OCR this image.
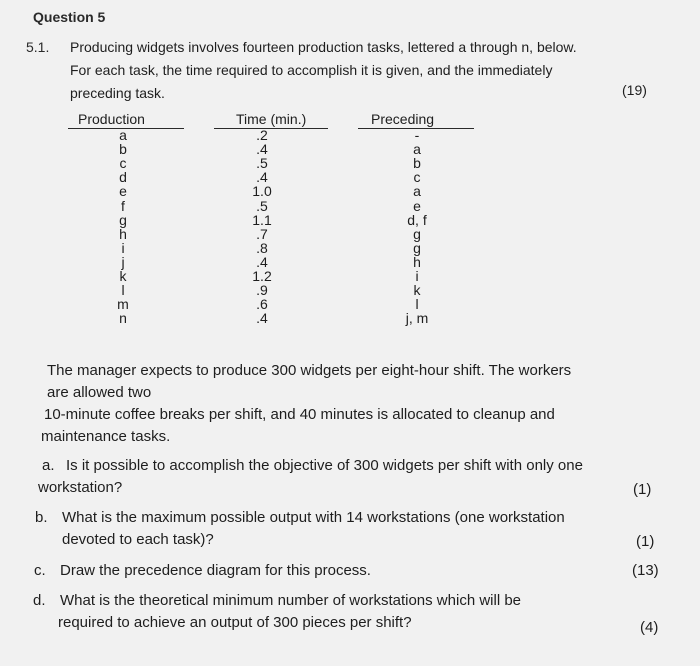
Question 5
5.1. Producing widgets involves fourteen production tasks, lettered a through n, below.
For each task, the time required to accomplish it is given, and the immediately
preceding task.	(19)
Production	Time (min.)	Preceding
a	.2	-
b	.4	a
c	.5	b
d	.4	c
e	1.0	a
f	.5	e
g	1.1	d, f
h	.7	g
i	.8	g
j	.4	h
k	1.2	i
l	.9	k
m	.6	l
n	.4	j, m
The manager expects to produce 300 widgets per eight-hour shift. The workers
are allowed two
10-minute coffee breaks per shift, and 40 minutes is allocated to cleanup and
maintenance tasks.
a. Is it possible to accomplish the objective of 300 widgets per shift with only one
workstation?	(1)
b. What is the maximum possible output with 14 workstations (one workstation
devoted to each task)?	(1)
c. Draw the precedence diagram for this process.	(13)
d. What is the theoretical minimum number of workstations which will be
required to achieve an output of 300 pieces per shift?	(4)
